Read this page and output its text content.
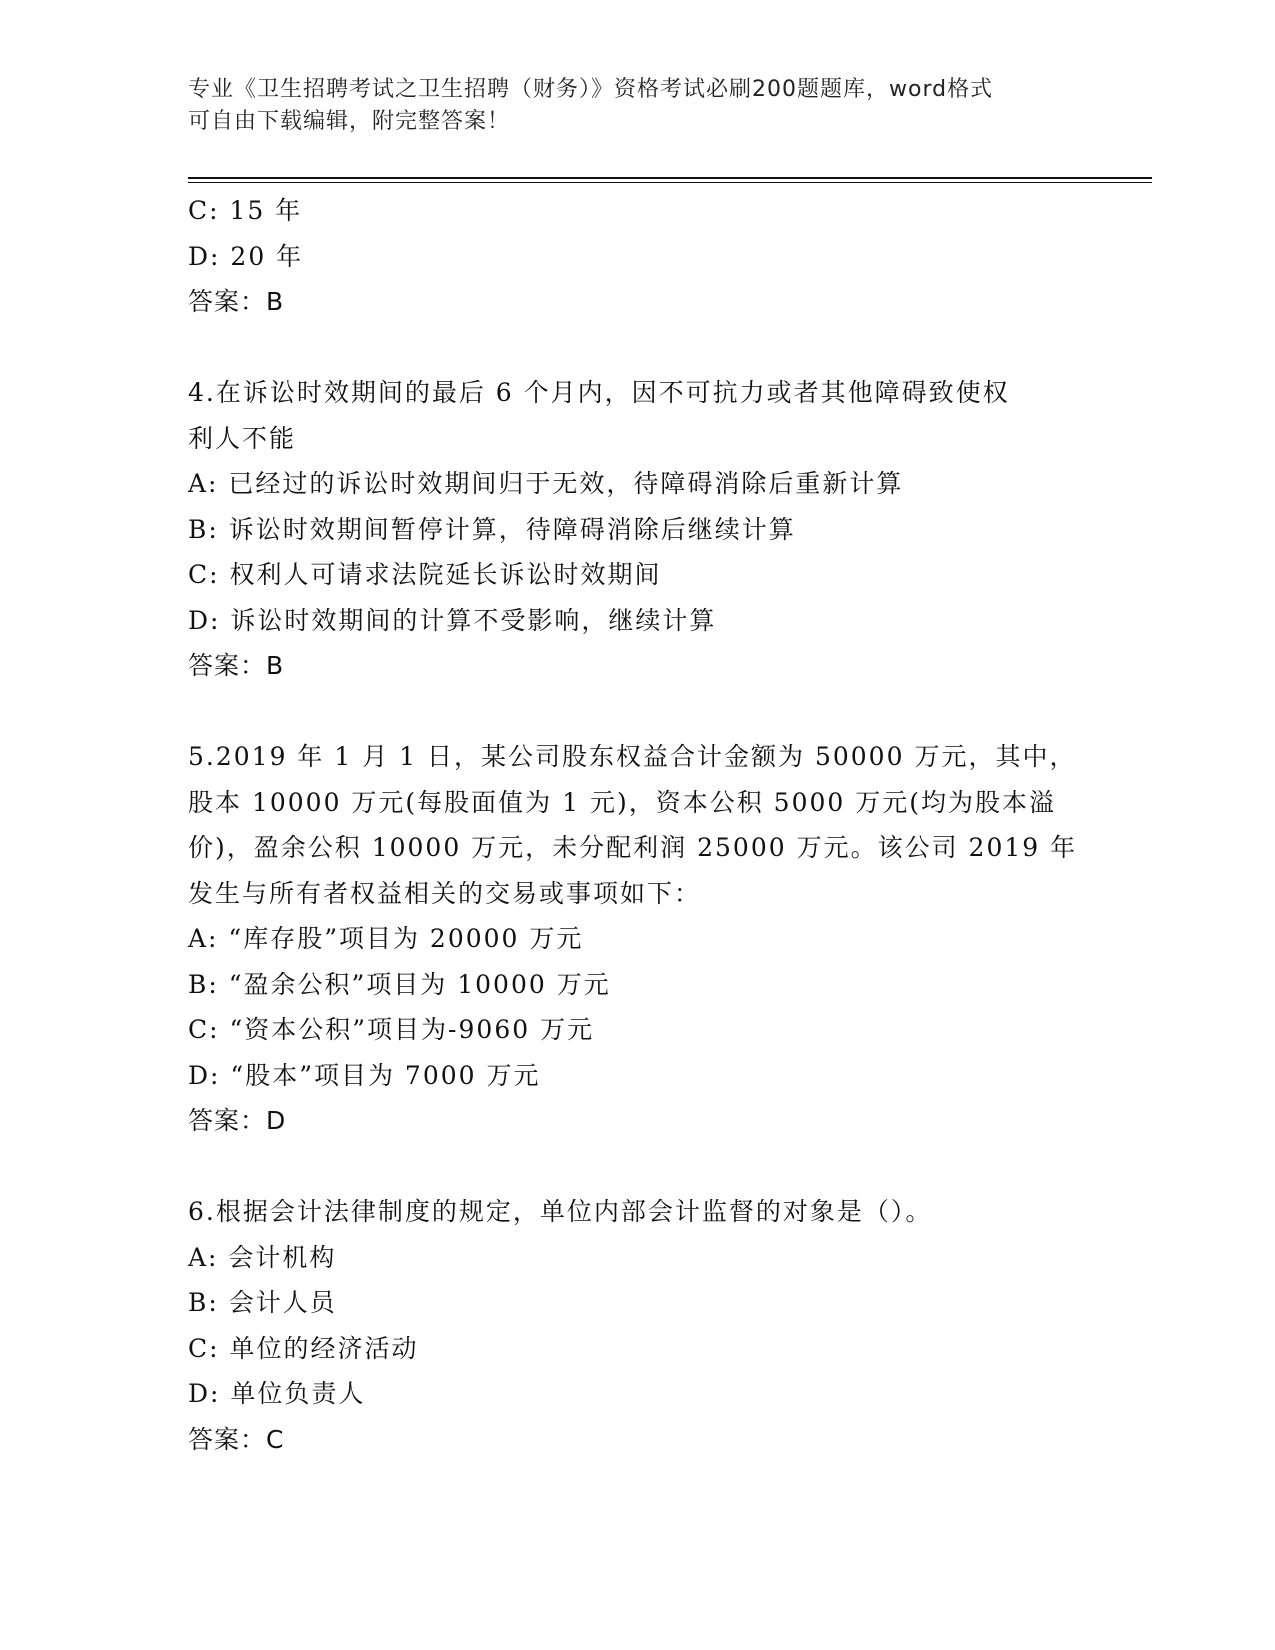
专业《卫生招聘考试之卫生招聘（财务）》资格考试必刷200题题库，word格式
可自由下载编辑，附完整答案！
C: 15 年
D: 20 年
答案：B
4.在诉讼时效期间的最后 6 个月内，因不可抗力或者其他障碍致使权
利人不能
A: 已经过的诉讼时效期间归于无效，待障碍消除后重新计算
B: 诉讼时效期间暂停计算，待障碍消除后继续计算
C: 权利人可请求法院延长诉讼时效期间
D: 诉讼时效期间的计算不受影响，继续计算
答案：B
5.2019 年 1 月 1 日，某公司股东权益合计金额为 50000 万元，其中，
股本 10000 万元(每股面值为 1 元)，资本公积 5000 万元(均为股本溢
价)，盈余公积 10000 万元，未分配利润 25000 万元。该公司 2019 年
发生与所有者权益相关的交易或事项如下：
A: “库存股”项目为 20000 万元
B: “盈余公积”项目为 10000 万元
C: “资本公积”项目为-9060 万元
D: “股本”项目为 7000 万元
答案：D
6.根据会计法律制度的规定，单位内部会计监督的对象是（）。
A: 会计机构
B: 会计人员
C: 单位的经济活动
D: 单位负责人
答案：C
